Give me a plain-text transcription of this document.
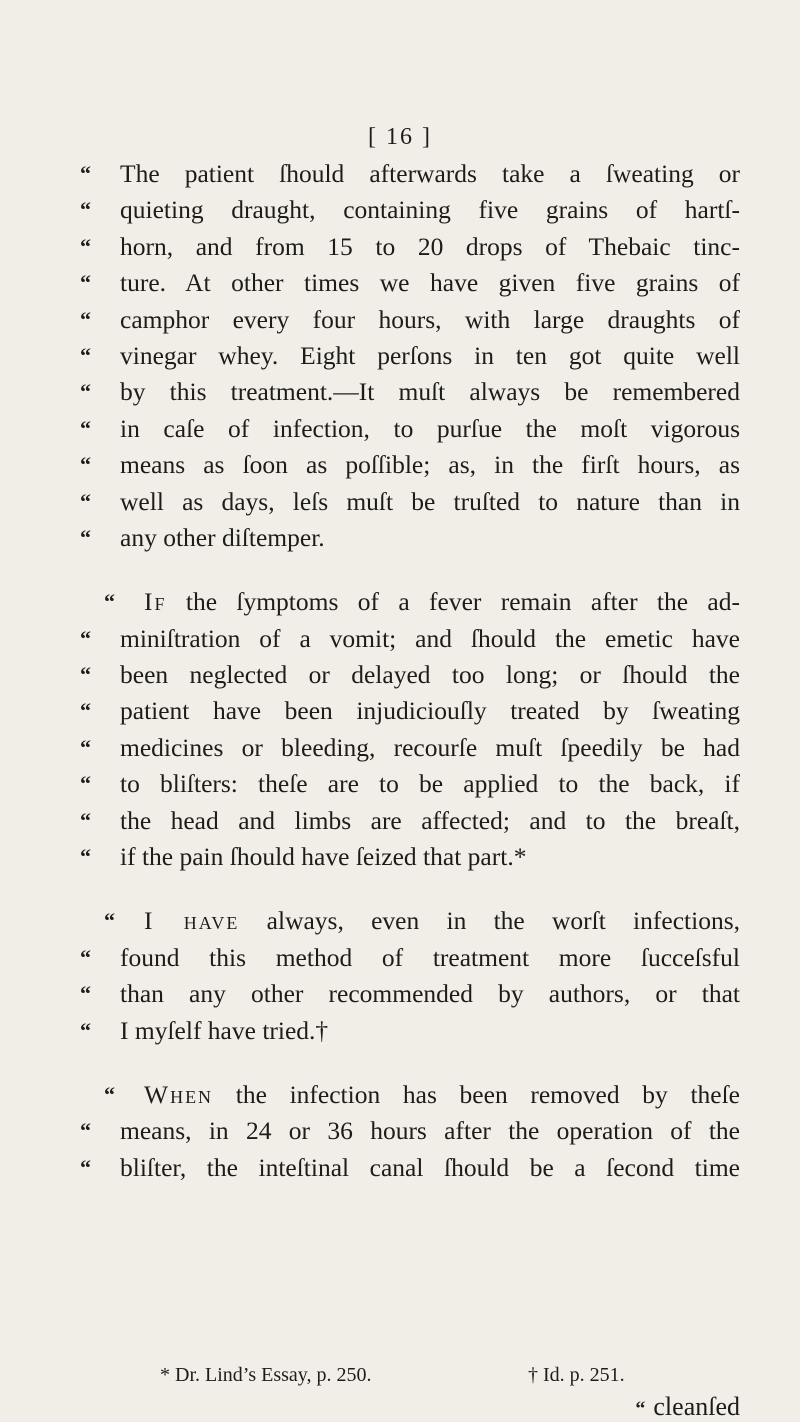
[ 16 ]
“ The patient ſhould afterwards take a ſweating or
“ quieting draught, containing five grains of hartſ-
“ horn, and from 15 to 20 drops of Thebaic tinc-
“ ture. At other times we have given five grains of
“ camphor every four hours, with large draughts of
“ vinegar whey. Eight perſons in ten got quite well
“ by this treatment.—It muſt always be remembered
“ in caſe of infection, to purſue the moſt vigorous
“ means as ſoon as poſſible; as, in the firſt hours, as
“ well as days, leſs muſt be truſted to nature than in
“ any other diſtemper.
“ If the ſymptoms of a fever remain after the ad-
“ miniſtration of a vomit; and ſhould the emetic have
“ been neglected or delayed too long; or ſhould the
“ patient have been injudiciouſly treated by ſweating
“ medicines or bleeding, recourſe muſt ſpeedily be had
“ to bliſters: theſe are to be applied to the back, if
“ the head and limbs are affected; and to the breaſt,
“ if the pain ſhould have ſeized that part.*
“ I have always, even in the worſt infections,
“ found this method of treatment more ſucceſsful
“ than any other recommended by authors, or that
“ I myſelf have tried.†
“ When the infection has been removed by theſe
“ means, in 24 or 36 hours after the operation of the
“ bliſter, the inteſtinal canal ſhould be a ſecond time
* Dr. Lind’s Essay, p. 250.	† Id. p. 251.
“ cleanſed
